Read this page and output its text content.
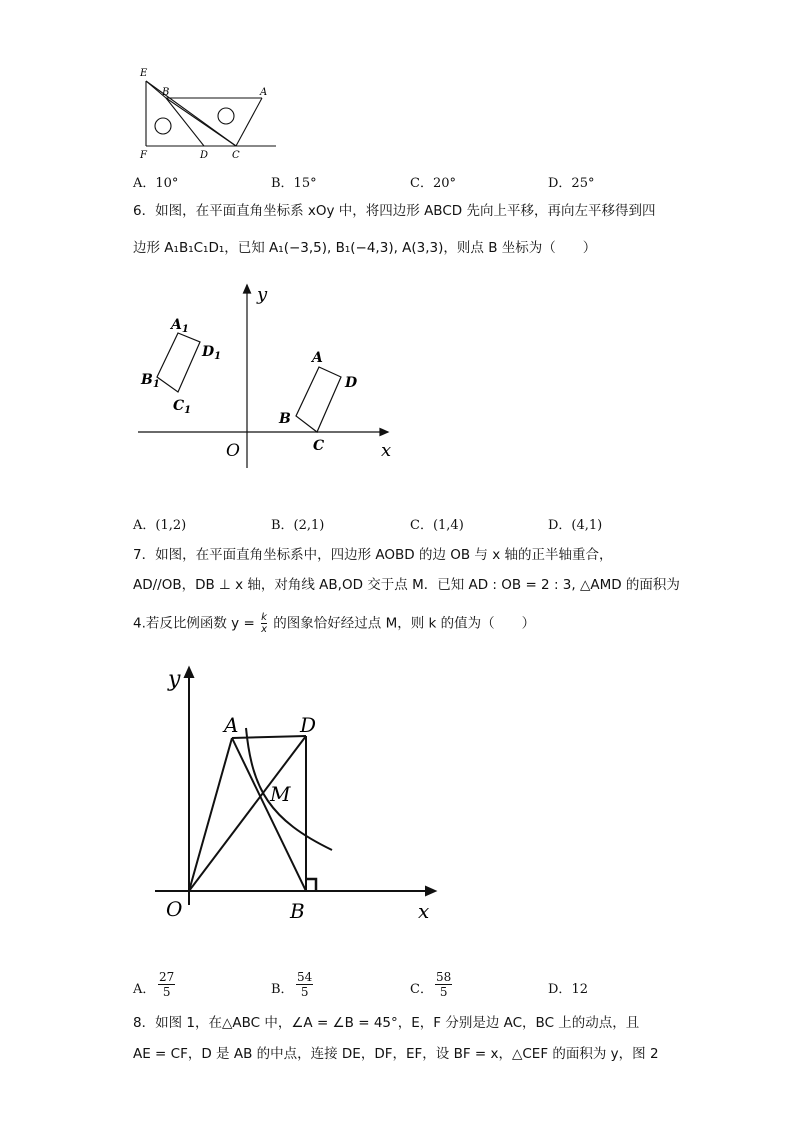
E
B	A
F	D C
A．10°	B．15°	C．20°	D．25°
6．如图，在平面直角坐标系 xOy 中，将四边形 ABCD 先向上平移，再向左平移得到四
边形 A₁B₁C₁D₁，已知 A₁(−3,5), B₁(−4,3), A(3,3)，则点 B 坐标为（　　）
y
x
O
$A_1$
$D_1$
$B_1$
$C_1$
A
D
B
C
A．(1,2)	B．(2,1)	C．(1,4)	D．(4,1)
7．如图，在平面直角坐标系中，四边形 AOBD 的边 OB 与 x 轴的正半轴重合，
AD//OB，DB ⊥ x 轴，对角线 AB,OD 交于点 M．已知 AD : OB = 2 : 3, △AMD 的面积为
4.若反比例函数 $y = \frac{k}{x}$ 的图象恰好经过点 M，则 k 的值为（　　）
y
x
O
A	D
M
B
A． $\frac{27}{5}$	B． $\frac{54}{5}$	C． $\frac{58}{5}$	D．12
8．如图 1，在△ABC 中，∠A = ∠B = 45°，E，F 分别是边 AC，BC 上的动点，且
AE = CF，D 是 AB 的中点，连接 DE，DF，EF，设 BF = x，△CEF 的面积为 y，图 2
